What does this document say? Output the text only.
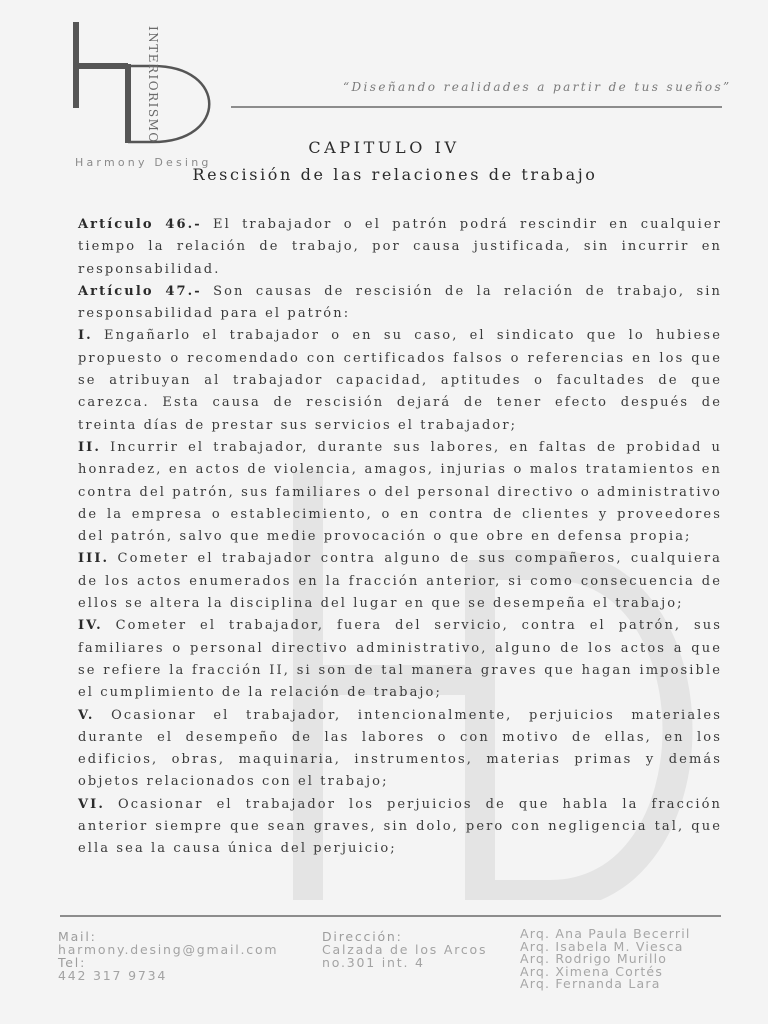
INTERIORISMO
Harmony Desing
“Diseñando realidades a partir de tus sueños”
CAPITULO IV
Rescisión de las relaciones de trabajo

Artículo 46.- El trabajador o el patrón podrá rescindir en cualquier tiempo la relación de trabajo, por causa justificada, sin incurrir en responsabilidad.

Artículo 47.- Son causas de rescisión de la relación de trabajo, sin responsabilidad para el patrón:

I. Engañarlo el trabajador o en su caso, el sindicato que lo hubiese propuesto o recomendado con certificados falsos o referencias en los que se atribuyan al trabajador capacidad, aptitudes o facultades de que carezca. Esta causa de rescisión dejará de tener efecto después de treinta días de prestar sus servicios el trabajador;

II. Incurrir el trabajador, durante sus labores, en faltas de probidad u honradez, en actos de violencia, amagos, injurias o malos tratamientos en contra del patrón, sus familiares o del personal directivo o administrativo de la empresa o establecimiento, o en contra de clientes y proveedores del patrón, salvo que medie provocación o que obre en defensa propia;

III. Cometer el trabajador contra alguno de sus compañeros, cualquiera de los actos enumerados en la fracción anterior, si como consecuencia de ellos se altera la disciplina del lugar en que se desempeña el trabajo;

IV. Cometer el trabajador, fuera del servicio, contra el patrón, sus familiares o personal directivo administrativo, alguno de los actos a que se refiere la fracción II, si son de tal manera graves que hagan imposible el cumplimiento de la relación de trabajo;

V. Ocasionar el trabajador, intencionalmente, perjuicios materiales durante el desempeño de las labores o con motivo de ellas, en los edificios, obras, maquinaria, instrumentos, materias primas y demás objetos relacionados con el trabajo;

VI. Ocasionar el trabajador los perjuicios de que habla la fracción anterior siempre que sean graves, sin dolo, pero con negligencia tal, que ella sea la causa única del perjuicio;

Mail:
harmony.desing@gmail.com
Tel:
442 317 9734
Dirección:
Calzada de los Arcos
no.301 int. 4
Arq. Ana Paula Becerril
Arq. Isabela M. Viesca
Arq. Rodrigo Murillo
Arq. Ximena Cortés
Arq. Fernanda Lara
